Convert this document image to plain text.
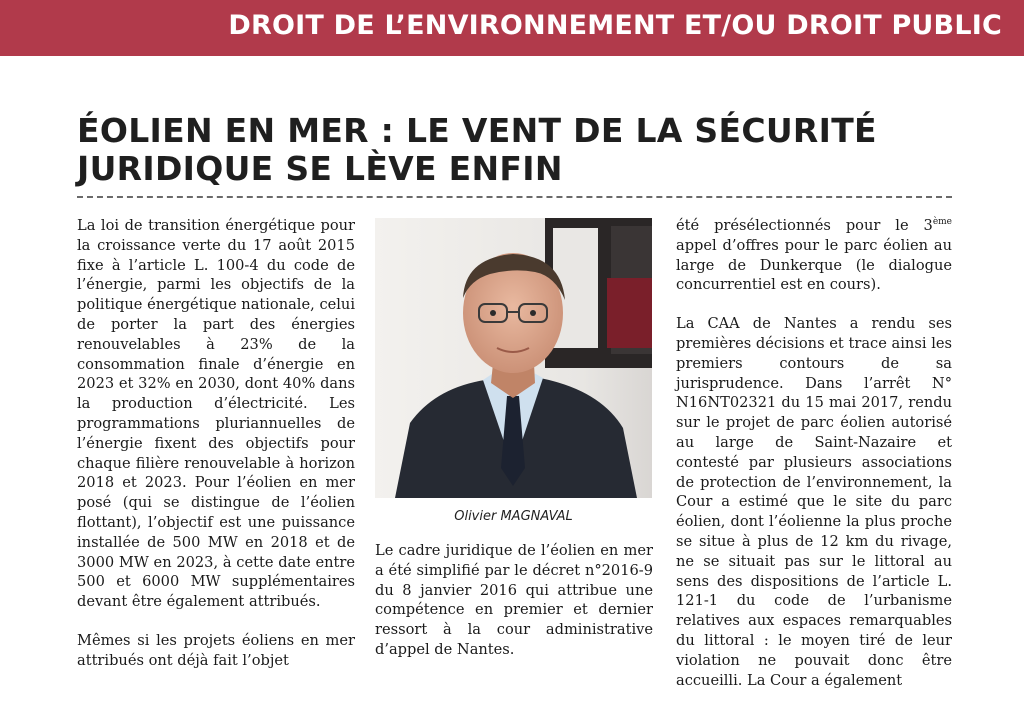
DROIT DE L’ENVIRONNEMENT ET/OU DROIT PUBLIC
ÉOLIEN EN MER : LE VENT DE LA SÉCURITÉ JURIDIQUE SE LÈVE ENFIN

La loi de transition énergétique pour la croissance verte du 17 août 2015 fixe à l’article L. 100-4 du code de l’énergie, parmi les objectifs de la politique énergétique nationale, celui de porter la part des énergies renouvelables à 23% de la consommation finale d’énergie en 2023 et 32% en 2030, dont 40% dans la production d’électricité. Les programmations pluriannuelles de l’énergie fixent des objectifs pour chaque filière renouvelable à horizon 2018 et 2023. Pour l’éolien en mer posé (qui se distingue de l’éolien flottant), l’objectif est une puissance installée de 500 MW en 2018 et de 3000 MW en 2023, à cette date entre 500 et 6000 MW supplémentaires devant être également attribués.

Mêmes si les projets éoliens en mer attribués ont déjà fait l’objet

Olivier MAGNAVAL

Le cadre juridique de l’éolien en mer a été simplifié par le décret n°2016-9 du 8 janvier 2016 qui attribue une compétence en premier et dernier ressort à la cour administrative d’appel de Nantes.

été présélectionnés pour le 3ème appel d’offres pour le parc éolien au large de Dunkerque (le dialogue concurrentiel est en cours).

La CAA de Nantes a rendu ses premières décisions et trace ainsi les premiers contours de sa jurisprudence. Dans l’arrêt N° N16NT02321 du 15 mai 2017, rendu sur le projet de parc éolien autorisé au large de Saint-Nazaire et contesté par plusieurs associations de protection de l’environnement, la Cour a estimé que le site du parc éolien, dont l’éolienne la plus proche se situe à plus de 12 km du rivage, ne se situait pas sur le littoral au sens des dispositions de l’article L. 121-1 du code de l’urbanisme relatives aux espaces remarquables du littoral : le moyen tiré de leur violation ne pouvait donc être accueilli. La Cour a également
